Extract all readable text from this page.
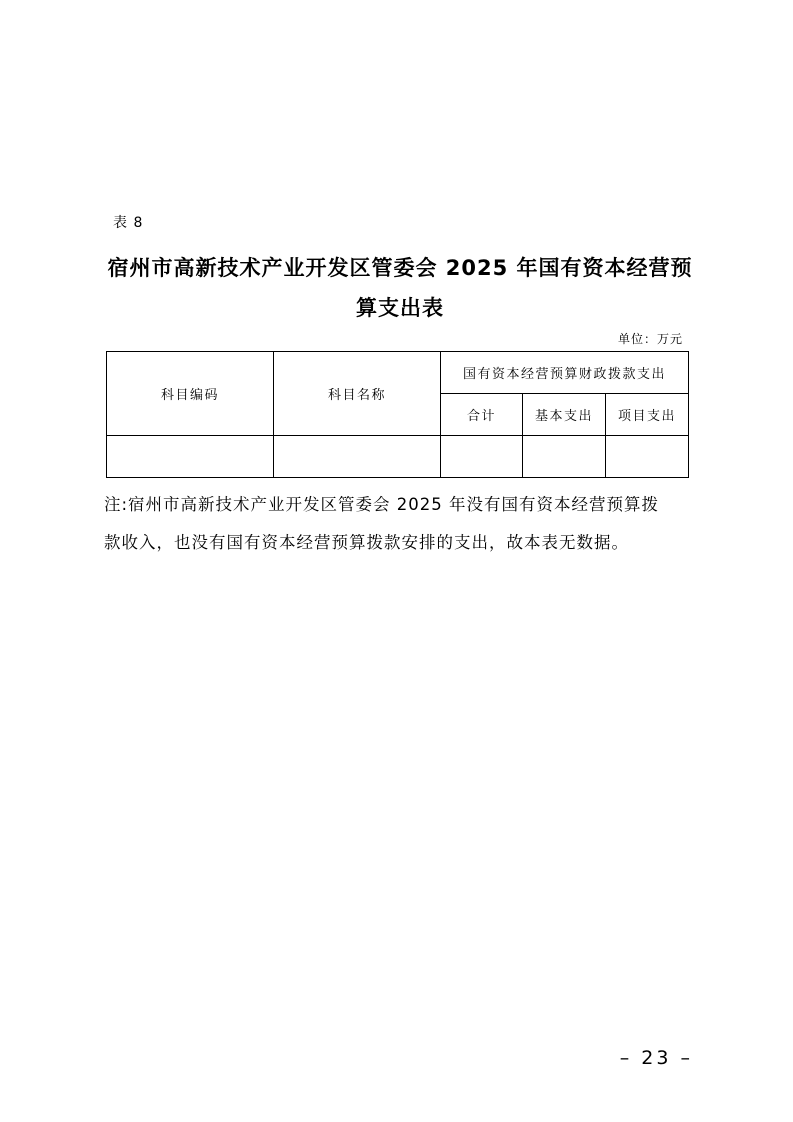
表 8
宿州市高新技术产业开发区管委会 2025 年国有资本经营预
算支出表
单位：万元
科目编码	科目名称	国有资本经营预算财政拨款支出		
		合计	基本支出	项目支出

注:宿州市高新技术产业开发区管委会 2025 年没有国有资本经营预算拨
款收入，也没有国有资本经营预算拨款安排的支出，故本表无数据。
– 23 –
